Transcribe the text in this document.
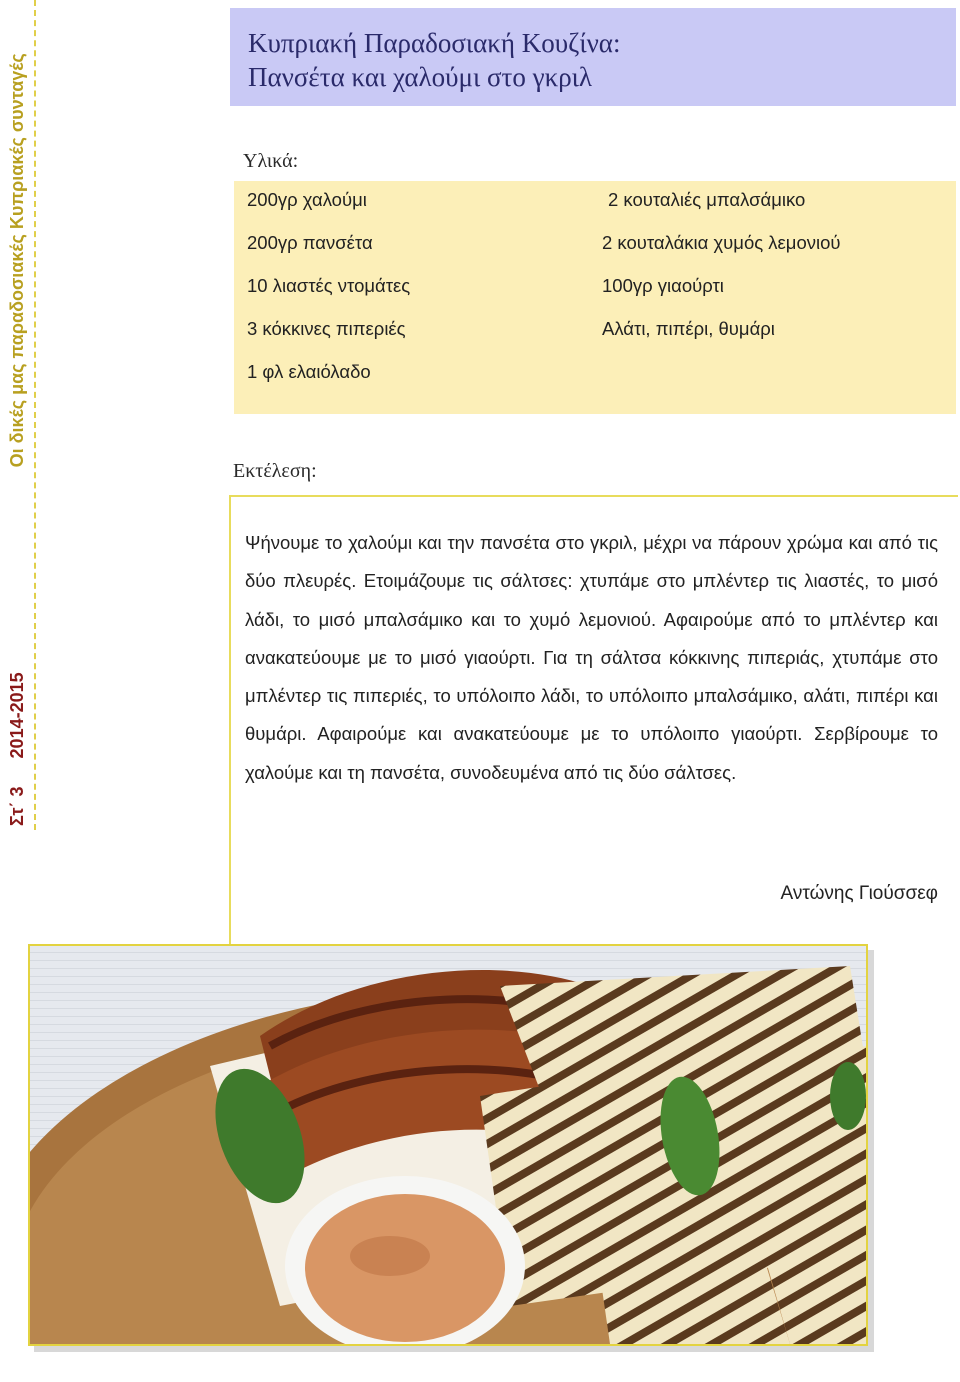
Στ΄ 3
2014-2015
Οι δικές μας παραδοσιακές Κυπριακές συνταγές
Κυπριακή Παραδοσιακή Κουζίνα:
Πανσέτα και χαλούμι στο γκριλ
Υλικά:
200γρ χαλούμι
200γρ πανσέτα
10 λιαστές ντομάτες
3 κόκκινες πιπεριές
1 φλ ελαιόλαδο
2 κουταλιές μπαλσάμικο
2 κουταλάκια χυμός λεμονιού
100γρ γιαούρτι
Αλάτι, πιπέρι, θυμάρι
Εκτέλεση:
Ψήνουμε το χαλούμι και την πανσέτα στο γκριλ, μέχρι να πάρουν χρώμα και από τις δύο πλευρές. Ετοιμάζουμε τις σάλτσες: χτυπάμε στο μπλέντερ τις λιαστές, το μισό λάδι, το μισό μπαλσάμικο και το χυμό λεμονιού. Αφαιρούμε από το μπλέντερ και ανακατεύουμε με το μισό γιαούρτι. Για τη σάλτσα κόκκινης πιπεριάς, χτυπάμε στο μπλέντερ τις πιπεριές, το υπόλοιπο λάδι, το υπόλοιπο μπαλσάμικο, αλάτι, πιπέρι και θυμάρι. Αφαιρούμε και ανακατεύουμε με το υπόλοιπο γιαούρτι. Σερβίρουμε το χαλούμε και τη πανσέτα, συνοδευμένα από τις δύο σάλτσες.
Αντώνης Γιούσσεφ
